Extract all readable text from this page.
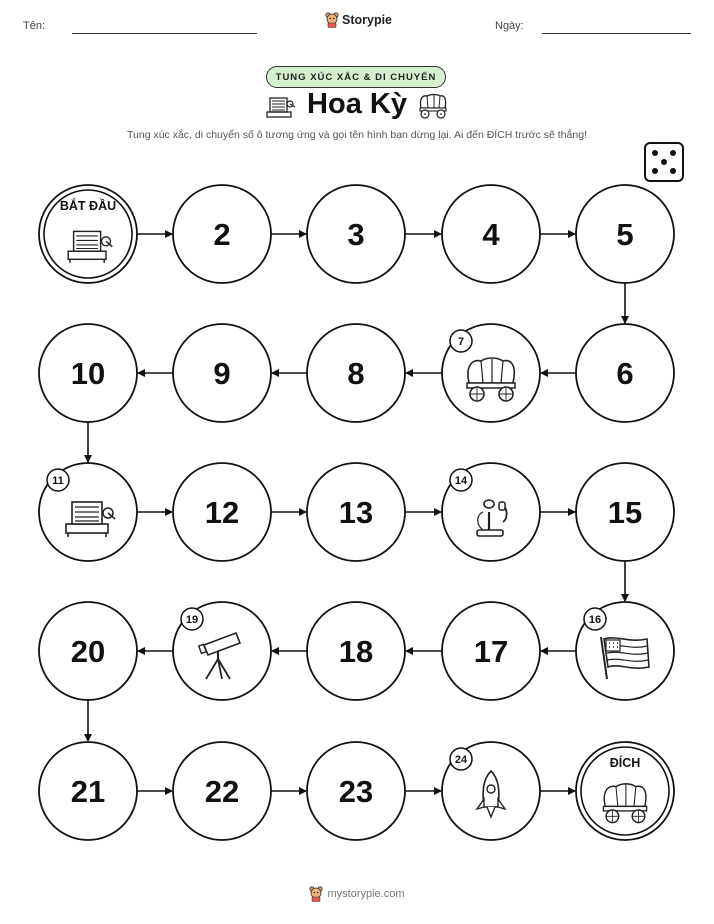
Tên:	Storypie	Ngày:
TUNG XÚC XẮC & DI CHUYỂN
Hoa Kỳ
Tung xúc xắc, di chuyển số ô tương ứng và gọi tên hình bạn dừng lại. Ai đến ĐÍCH trước sẽ thắng!
BẮT ĐẦU
2	3	4	5
6
7
8
9
10
11
12	13
14
15
16
17
18
19
20
21	22	23
24	ĐÍCH
mystorypie.com
